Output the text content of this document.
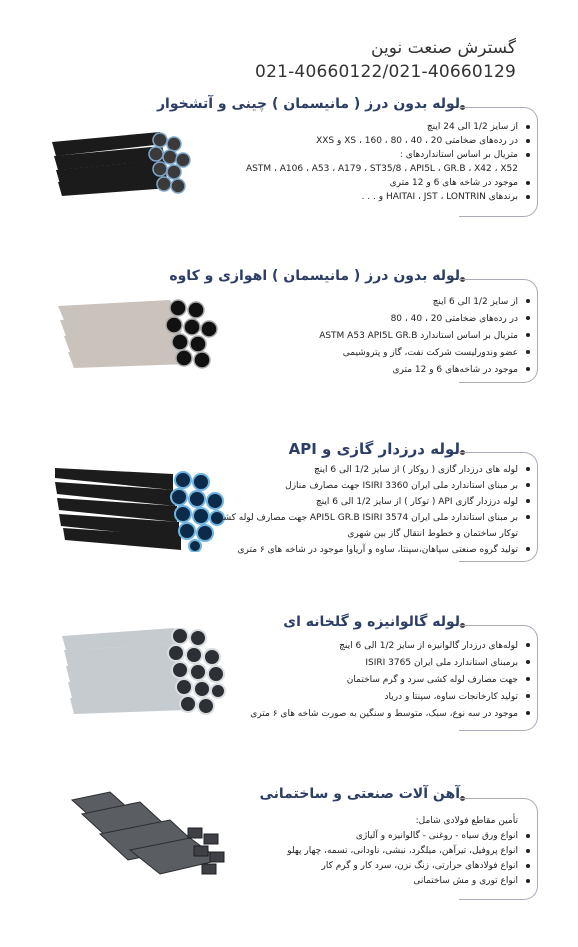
گسترش صنعت نوین
021-40660122/021-40660129
لوله بدون درز ( مانیسمان ) چینی و آتشخوار
از سایز 1/2 الی 24 اینچ
در رده‌های ضخامتی 20 ، 40 ، 80 ، 160 ، XS و XXS
متریال بر اساس استانداردهای :
ASTM ، A106 ، A53 ، A179 ، ST35/8 ، API5L ، GR.B ، X42 ، X52
موجود در شاخه های 6 و 12 متری
برندهای HAITAI ، JST ، LONTRIN و . . .
لوله بدون درز ( مانیسمان ) اهوازی و کاوه
از سایز 1/2 الی 6 اینچ
در رده‌های ضخامتی 20 ، 40 ، 80
متریال بر اساس استاندارد ASTM A53 API5L GR.B
عضو وندورلیست شرکت نفت، گاز و پتروشیمی
موجود در شاخه‌های 6 و 12 متری
لوله درزدار گازی و API
لوله های درزدار گازی ( روکار ) از سایز 1/2 الی 6 اینچ
بر مبنای استاندارد ملی ایران ISIRI 3360 جهت مصارف منازل
لوله درزدار گازی API ( توکار ) از سایز 1/2 الی 6 اینچ
بر مبنای استاندارد ملی ایران API5L GR.B ISIRI 3574 جهت مصارف لوله کشی
توکار ساختمان و خطوط انتقال گاز بین شهری
تولید گروه صنعتی سپاهان،سپنتا، ساوه و آریاوا موجود در شاخه های ۶ متری
لوله گالوانیزه و گلخانه ای
لوله‌های درزدار گالوانیزه از سایز 1/2 الی 6 اینچ
برمبنای استاندارد ملی ایران ISIRI 3765
جهت مصارف لوله کشی سرد و گرم ساختمان
تولید کارخانجات ساوه، سپنتا و دریاد
موجود در سه نوع، سبک، متوسط و سنگین به صورت شاخه های ۶ متری
آهن آلات صنعتی و ساختمانی
تأمین مقاطع فولادی شامل:
انواع ورق سیاه - روغنی - گالوانیزه و آلیاژی
انواع پروفیل، تیرآهن، میلگرد، نبشی، ناودانی، تسمه، چهار پهلو
انواع فولادهای حرارتی، زنگ نزن، سرد کار و گرم کار
انواع توری و مش ساختمانی
